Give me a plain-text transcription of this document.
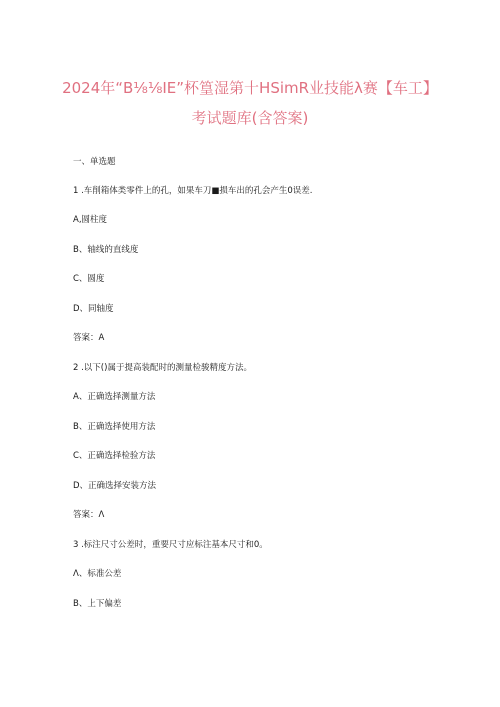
2024年“B⅛⅛IE”杯篁湿第十HSimR业技能λ赛【车工】
考试题库(含答案)
一、单选题
1 .车削箱体类零件上的孔，如果车刀■损车出的孔会产生0误差.
A,圆柱度
B、轴线的直线度
C、圆度
D、同轴度
答案：A
2 .以下()属于提高装配时的测量检骏精度方法。
A、正确选择测量方法
B、正确选择使用方法
C、正确选择检验方法
D、正确选择安装方法
答案：Λ
3 .标注尺寸公差时，重要尺寸应标注基本尺寸和0。
Λ、标准公差
B、上下偏差
